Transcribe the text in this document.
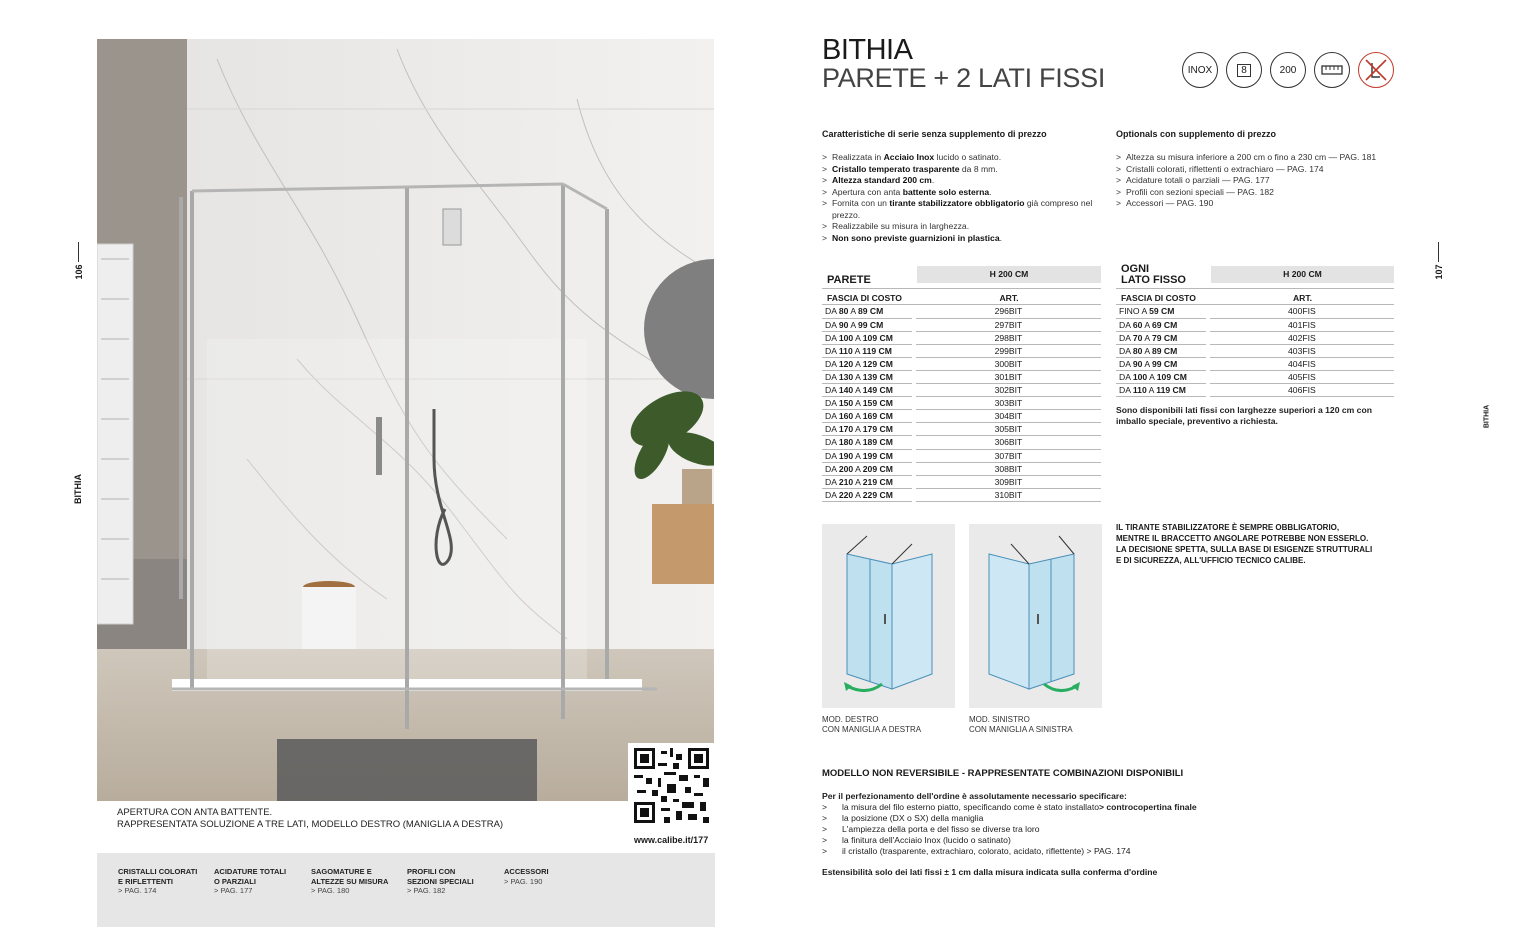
www.calibe.it/177
APERTURA CON ANTA BATTENTE.
RAPPRESENTATA SOLUZIONE A TRE LATI, MODELLO DESTRO (MANIGLIA A DESTRA)
CRISTALLI COLORATI
E RIFLETTENTI
> PAG. 174
ACIDATURE TOTALI
O PARZIALI
> PAG. 177
SAGOMATURE E
ALTEZZE SU MISURA
> PAG. 180
PROFILI CON
SEZIONI SPECIALI
> PAG. 182
ACCESSORI
> PAG. 190
106
BITHIA
BITHIA
PARETE + 2 LATI FISSI	INOX	8	200
Caratteristiche di serie senza supplemento di prezzo
> Realizzata in Acciaio Inox lucido o satinato.
> Cristallo temperato trasparente da 8 mm.
> Altezza standard 200 cm.
> Apertura con anta battente solo esterna.
> Fornita con un tirante stabilizzatore obbligatorio già compreso nel prezzo.
> Realizzabile su misura in larghezza.
> Non sono previste guarnizioni in plastica.
Optionals con supplemento di prezzo
> Altezza su misura inferiore a 200 cm o fino a 230 cm — PAG. 181
> Cristalli colorati, riflettenti o extrachiaro — PAG. 174
> Acidature totali o parziali — PAG. 177
> Profili con sezioni speciali — PAG. 182
> Accessori — PAG. 190
PARETE	H 200 CM
FASCIA DI COSTO	ART.
DA 80 A 89 CM		296BIT
DA 90 A 99 CM		297BIT
DA 100 A 109 CM		298BIT
DA 110 A 119 CM		299BIT
DA 120 A 129 CM		300BIT
DA 130 A 139 CM		301BIT
DA 140 A 149 CM		302BIT
DA 150 A 159 CM		303BIT
DA 160 A 169 CM		304BIT
DA 170 A 179 CM		305BIT
DA 180 A 189 CM		306BIT
DA 190 A 199 CM		307BIT
DA 200 A 209 CM		308BIT
DA 210 A 219 CM		309BIT
DA 220 A 229 CM		310BIT
OGNI
LATO FISSO	H 200 CM
FASCIA DI COSTO	ART.
FINO A 59 CM		400FIS
DA 60 A 69 CM		401FIS
DA 70 A 79 CM		402FIS
DA 80 A 89 CM		403FIS
DA 90 A 99 CM		404FIS
DA 100 A 109 CM		405FIS
DA 110 A 119 CM		406FIS
Sono disponibili lati fissi con larghezze superiori a 120 cm con imballo speciale, preventivo a richiesta.
MOD. DESTRO
CON MANIGLIA A DESTRA
MOD. SINISTRO
CON MANIGLIA A SINISTRA
IL TIRANTE STABILIZZATORE È SEMPRE OBBLIGATORIO,
MENTRE IL BRACCETTO ANGOLARE POTREBBE NON ESSERLO.
LA DECISIONE SPETTA, SULLA BASE DI ESIGENZE STRUTTURALI
E DI SICUREZZA, ALL'UFFICIO TECNICO CALIBE.
MODELLO NON REVERSIBILE - RAPPRESENTATE COMBINAZIONI DISPONIBILI
Per il perfezionamento dell'ordine è assolutamente necessario specificare:
>	la misura del filo esterno piatto, specificando come è stato installato > controcopertina finale
>	la posizione (DX o SX) della maniglia
>	L'ampiezza della porta e del fisso se diverse tra loro
>	la finitura dell'Acciaio Inox (lucido o satinato)
>	il cristallo (trasparente, extrachiaro, colorato, acidato, riflettente) > PAG. 174
Estensibilità solo dei lati fissi ± 1 cm dalla misura indicata sulla conferma d'ordine
107
BITHIA
